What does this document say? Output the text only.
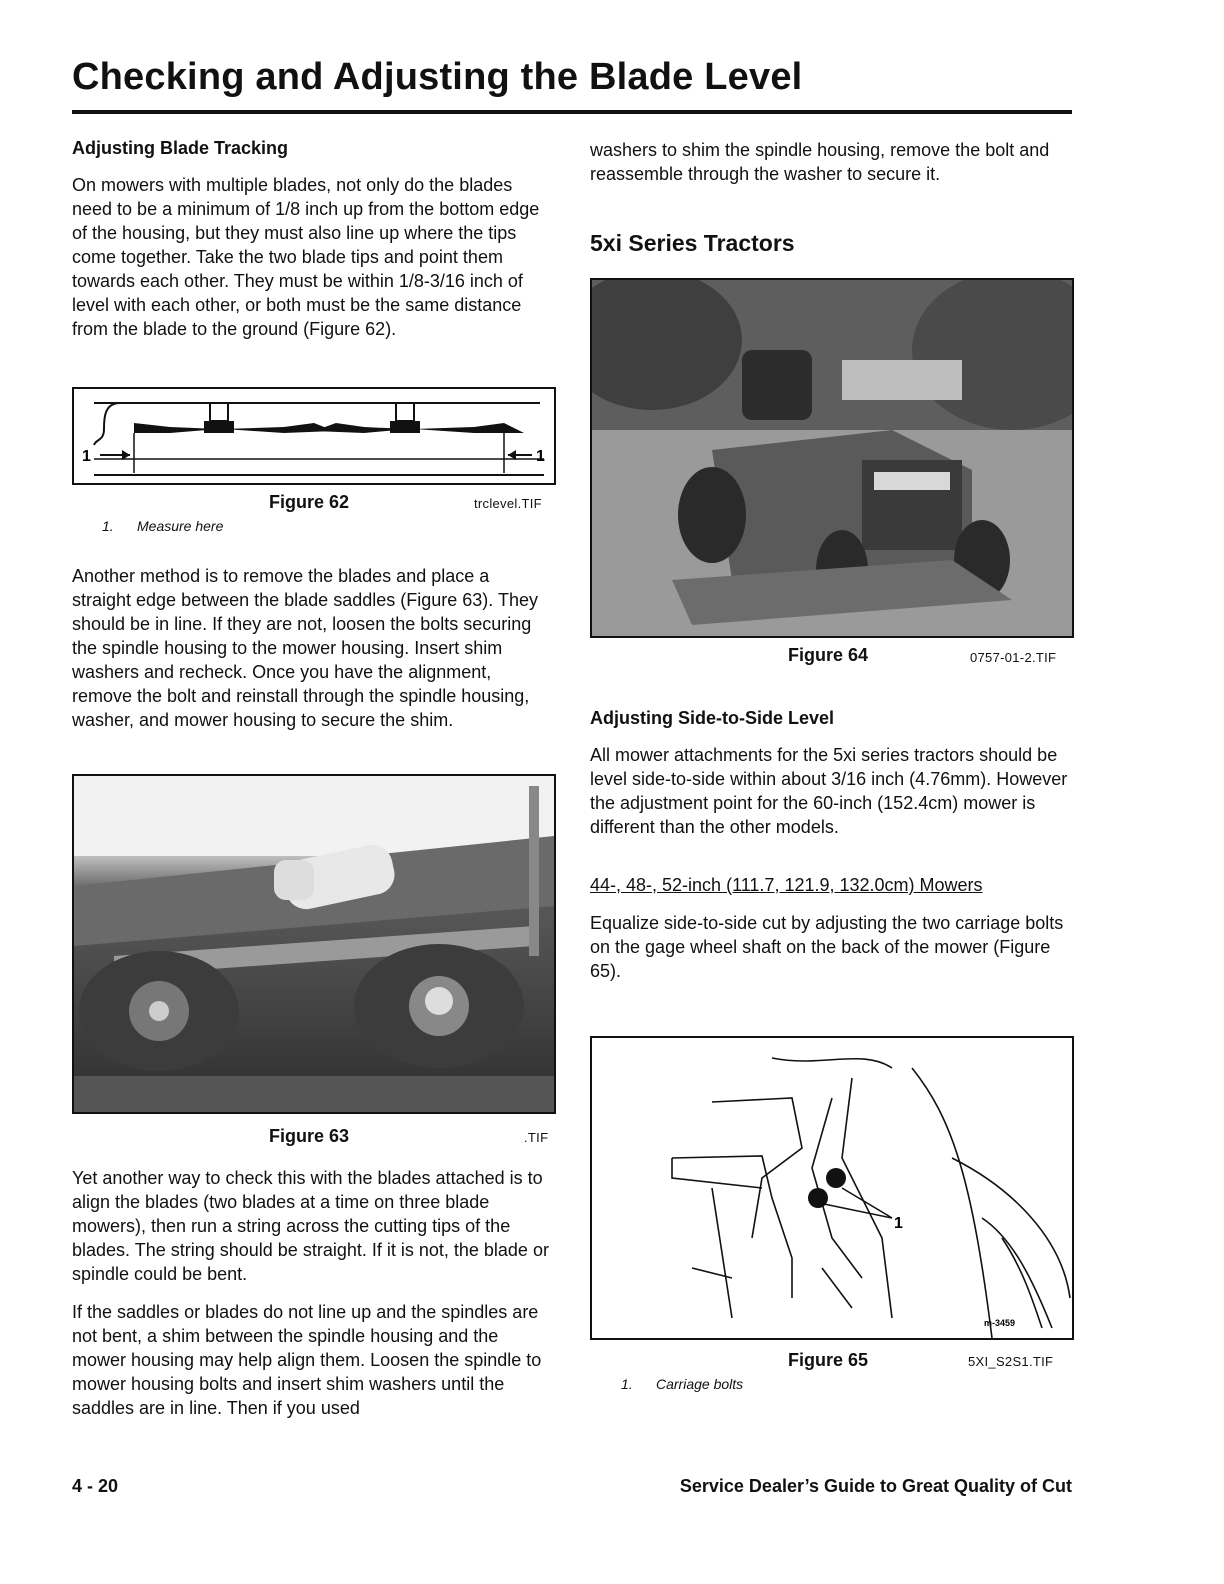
Checking and Adjusting the Blade Level

Adjusting Blade Tracking

On mowers with multiple blades, not only do the blades need to be a minimum of 1/8 inch up from the bottom edge of the housing, but they must also line up where the tips come together. Take the two blade tips and point them towards each other. They must be within 1/8-3/16 inch of level with each other, or both must be the same distance from the blade to the ground (Figure 62).

1	1
Figure 62	trclevel.TIF
1. Measure here

Another method is to remove the blades and place a straight edge between the blade saddles (Figure 63). They should be in line. If they are not, loosen the bolts securing the spindle housing to the mower housing. Insert shim washers and recheck. Once you have the alignment, remove the bolt and reinstall through the spindle housing, washer, and mower housing to secure the shim.

Figure 63	.TIF

Yet another way to check this with the blades attached is to align the blades (two blades at a time on three blade mowers), then run a string across the cutting tips of the blades. The string should be straight. If it is not, the blade or spindle could be bent.

If the saddles or blades do not line up and the spindles are not bent, a shim between the spindle housing and the mower housing may help align them. Loosen the spindle to mower housing bolts and insert shim washers until the saddles are in line. Then if you used

washers to shim the spindle housing, remove the bolt and reassemble through the washer to secure it.

5xi Series Tractors

Figure 64	0757-01-2.TIF

Adjusting Side-to-Side Level

All mower attachments for the 5xi series tractors should be level side-to-side within about 3/16 inch (4.76mm). However the adjustment point for the 60-inch (152.4cm) mower is different than the other models.

44-, 48-, 52-inch (111.7, 121.9, 132.0cm) Mowers

Equalize side-to-side cut by adjusting the two carriage bolts on the gage wheel shaft on the back of the mower (Figure 65).

1
m-3459
Figure 65	5XI_S2S1.TIF
1. Carriage bolts
4 - 20	Service Dealer’s Guide to Great Quality of Cut
